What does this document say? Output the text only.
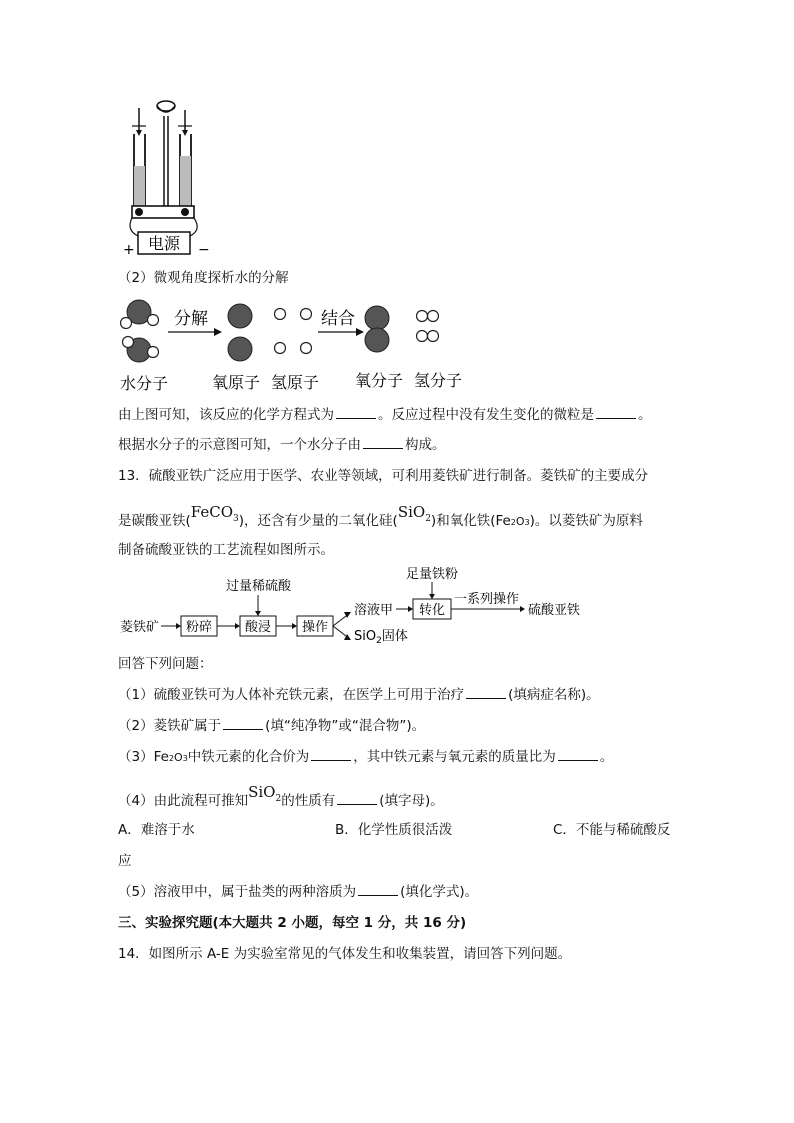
电源
+	−
（2）微观角度探析水的分解
分解	结合
水分子	氧原子 氢原子 氧分子 氢分子
由上图可知，该反应的化学方程式为	。反应过程中没有发生变化的微粒是	。
根据水分子的示意图可知，一个水分子由	构成。
13．硫酸亚铁广泛应用于医学、农业等领域，可利用菱铁矿进行制备。菱铁矿的主要成分
是碳酸亚铁(FeCO$^3$)，还含有少量的二氧化硅(SiO$^2$)和氧化铁(Fe2O3)。以菱铁矿为原料
制备硫酸亚铁的工艺流程如图所示。
菱铁矿 粉碎	酸浸
过量稀硫酸
操作
溶液甲
SiO$_2$固体
转化
足量铁粉
一系列操作
硫酸亚铁
回答下列问题：
（1）硫酸亚铁可为人体补充铁元素，在医学上可用于治疗	(填病症名称)。
（2）菱铁矿属于	(填“纯净物”或“混合物”)。
（3）Fe2O3中铁元素的化合价为	，其中铁元素与氧元素的质量比为	。
（4）由此流程可推知SiO$^2$的性质有	(填字母)。
A．难溶于水	B．化学性质很活泼	C．不能与稀硫酸反
应
（5）溶液甲中，属于盐类的两种溶质为	(填化学式)。
三、实验探究题(本大题共 2 小题，每空 1 分，共 16 分)
14．如图所示 A-E 为实验室常见的气体发生和收集装置，请回答下列问题。
